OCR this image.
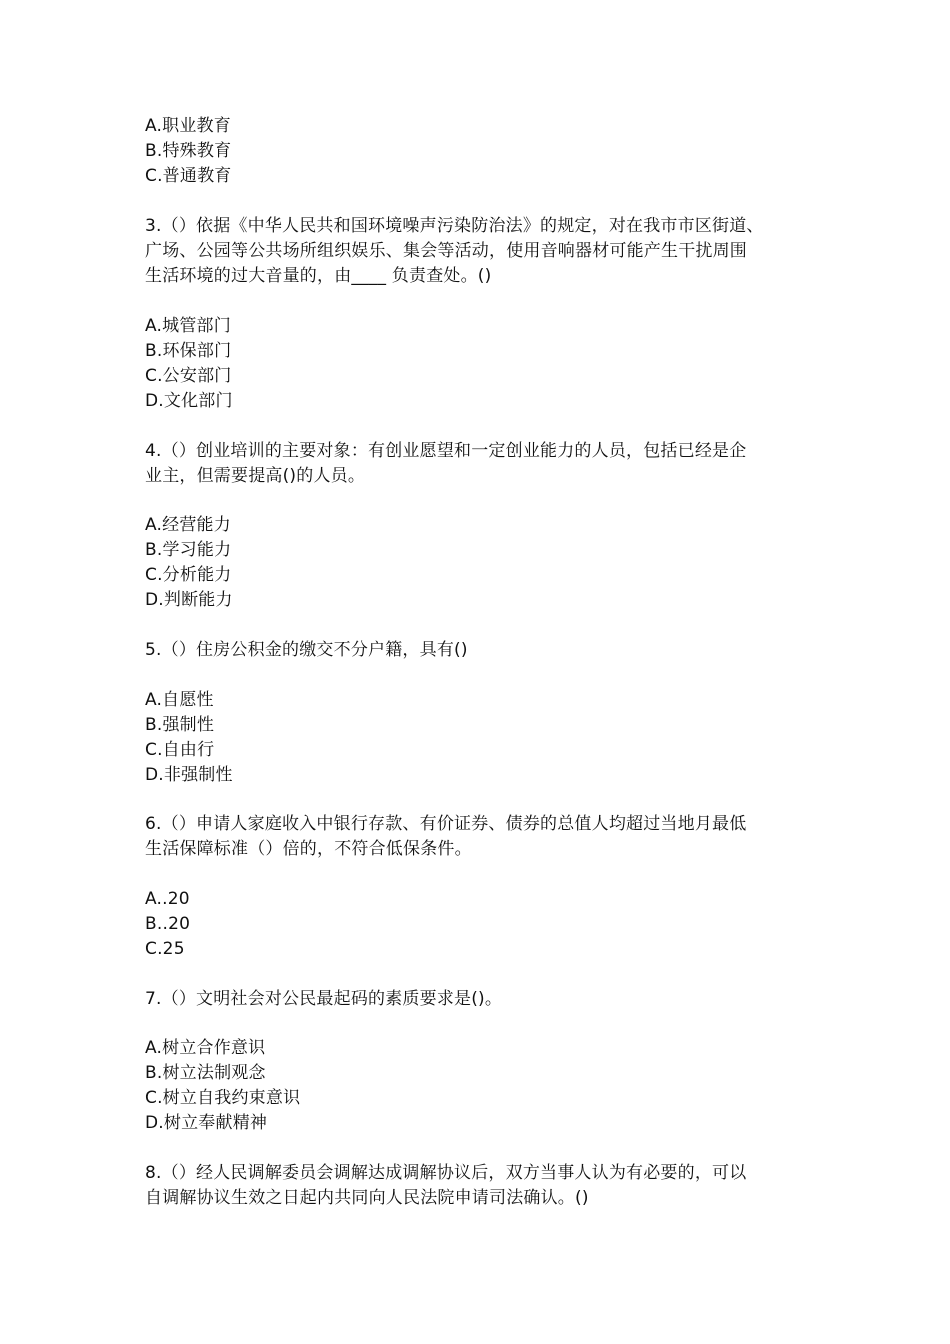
A.职业教育
B.特殊教育
C.普通教育
3.（）依据《中华人民共和国环境噪声污染防治法》的规定，对在我市市区街道、
广场、公园等公共场所组织娱乐、集会等活动，使用音响器材可能产生干扰周围
生活环境的过大音量的，由____ 负责查处。()
A.城管部门
B.环保部门
C.公安部门
D.文化部门
4.（）创业培训的主要对象：有创业愿望和一定创业能力的人员，包括已经是企
业主，但需要提高()的人员。
A.经营能力
B.学习能力
C.分析能力
D.判断能力
5.（）住房公积金的缴交不分户籍，具有()
A.自愿性
B.强制性
C.自由行
D.非强制性
6.（）申请人家庭收入中银行存款、有价证券、债券的总值人均超过当地月最低
生活保障标准（）倍的，不符合低保条件。
A..20
B..20
C.25
7.（）文明社会对公民最起码的素质要求是()。
A.树立合作意识
B.树立法制观念
C.树立自我约束意识
D.树立奉献精神
8.（）经人民调解委员会调解达成调解协议后，双方当事人认为有必要的，可以
自调解协议生效之日起内共同向人民法院申请司法确认。()
